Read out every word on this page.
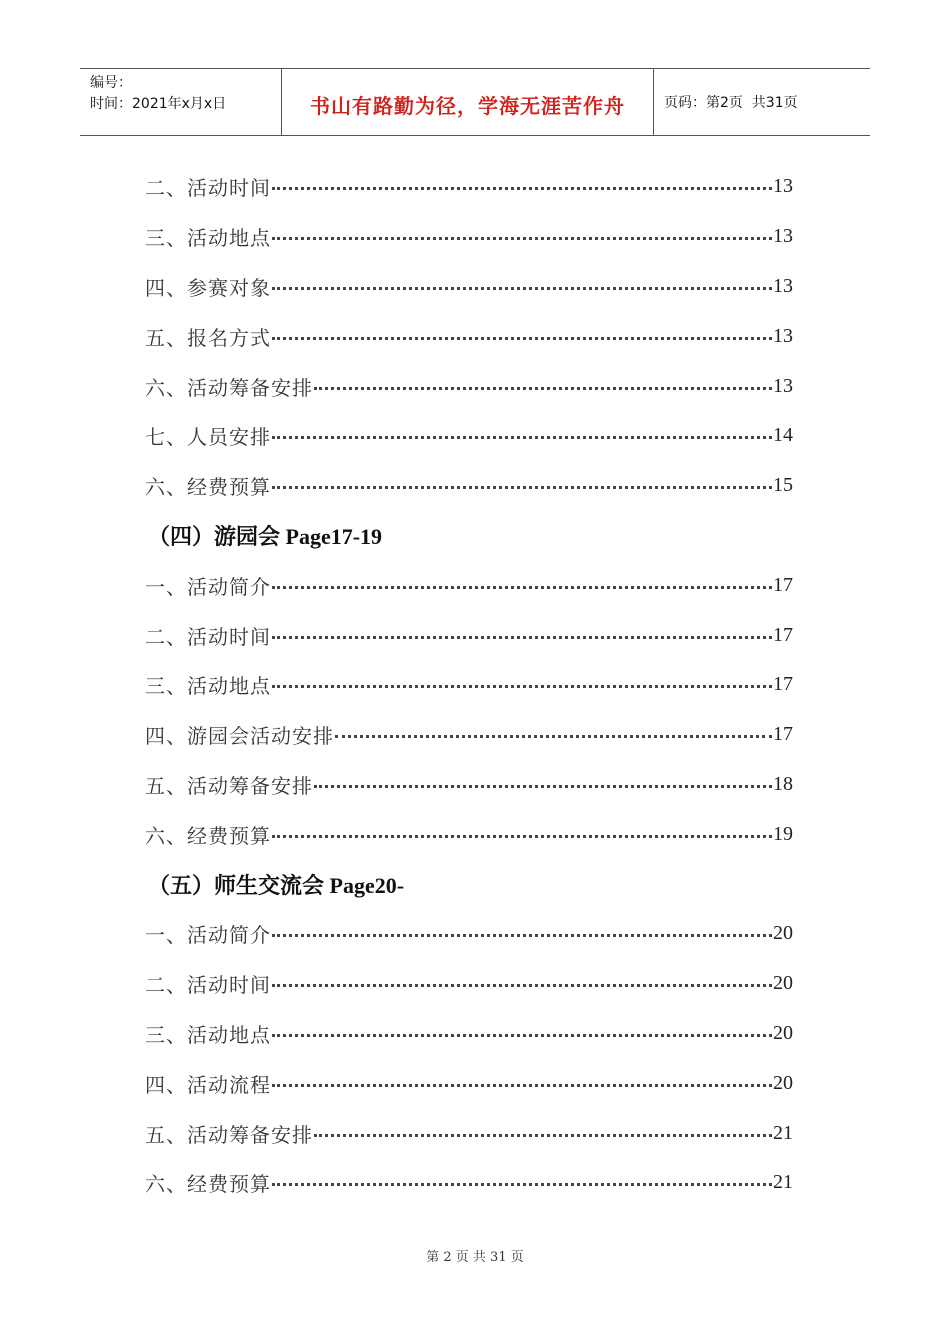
编号：
时间：2021年x月x日	书山有路勤为径，学海无涯苦作舟	页码：第2页  共31页
二、活动时间	13
三、活动地点	13
四、参赛对象	13
五、报名方式	13
六、活动筹备安排	13
七、人员安排	14
六、经费预算	15
（四）游园会 Page17-19
一、活动简介	17
二、活动时间	17
三、活动地点	17
四、游园会活动安排	17
五、活动筹备安排	18
六、经费预算	19
（五）师生交流会 Page20-
一、活动简介	20
二、活动时间	20
三、活动地点	20
四、活动流程	20
五、活动筹备安排	21
六、经费预算	21
第 2 页 共 31 页
